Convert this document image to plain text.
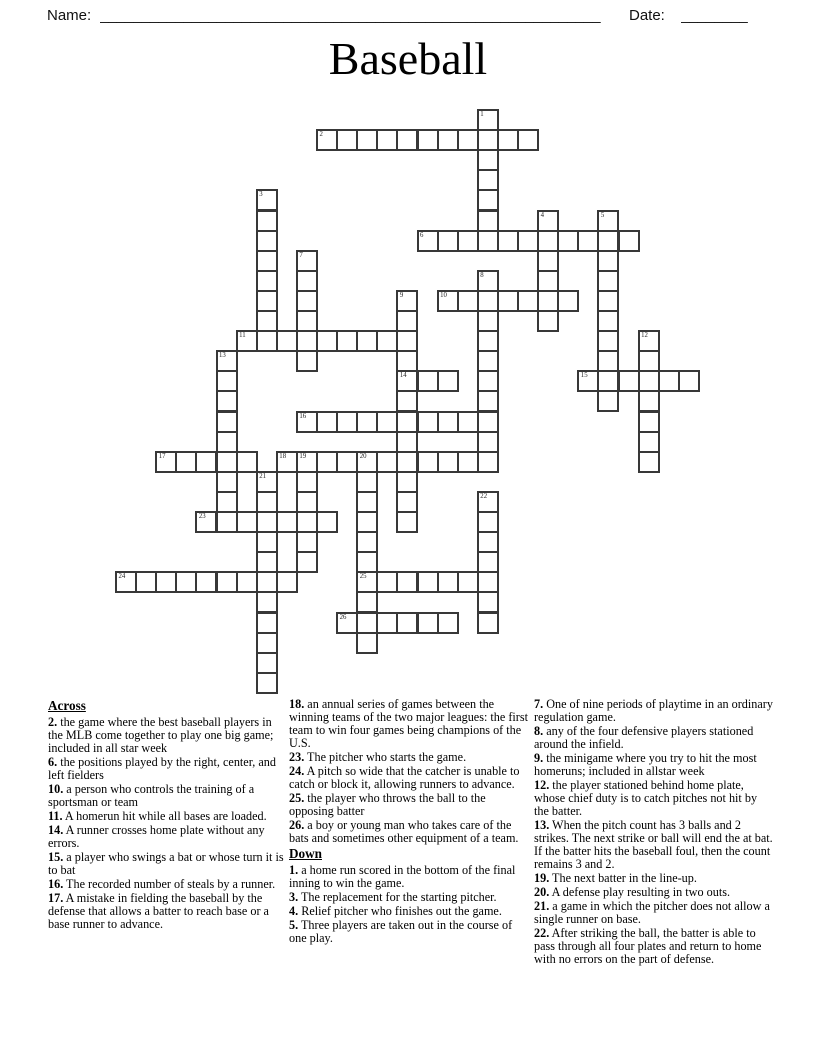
Name: ____________________________________________________________ Date: ________
Baseball
2
6
10
11
14	15
16
17	18 19	20
23
24	25
26
1
3
4	5
7
8
9
12
13
21
22
Across
2. the game where the best baseball players in the MLB come together to play one big game; included in all star week
6. the positions played by the right, center, and left fielders
10. a person who controls the training of a sportsman or team
11. A homerun hit while all bases are loaded.
14. A runner crosses home plate without any errors.
15. a player who swings a bat or whose turn it is to bat
16. The recorded number of steals by a runner.
17. A mistake in fielding the baseball by the defense that allows a batter to reach base or a base runner to advance.
18. an annual series of games between the winning teams of the two major leagues: the first team to win four games being champions of the U.S.
23. The pitcher who starts the game.
24. A pitch so wide that the catcher is unable to catch or block it, allowing runners to advance.
25. the player who throws the ball to the opposing batter
26. a boy or young man who takes care of the bats and sometimes other equipment of a team.
Down
1. a home run scored in the bottom of the final inning to win the game.
3. The replacement for the starting pitcher.
4. Relief pitcher who finishes out the game.
5. Three players are taken out in the course of one play.
7. One of nine periods of playtime in an ordinary regulation game.
8. any of the four defensive players stationed around the infield.
9. the minigame where you try to hit the most homeruns; included in allstar week
12. the player stationed behind home plate, whose chief duty is to catch pitches not hit by the batter.
13. When the pitch count has 3 balls and 2 strikes. The next strike or ball will end the at bat. If the batter hits the baseball foul, then the count remains 3 and 2.
19. The next batter in the line-up.
20. A defense play resulting in two outs.
21. a game in which the pitcher does not allow a single runner on base.
22. After striking the ball, the batter is able to pass through all four plates and return to home with no errors on the part of defense.
